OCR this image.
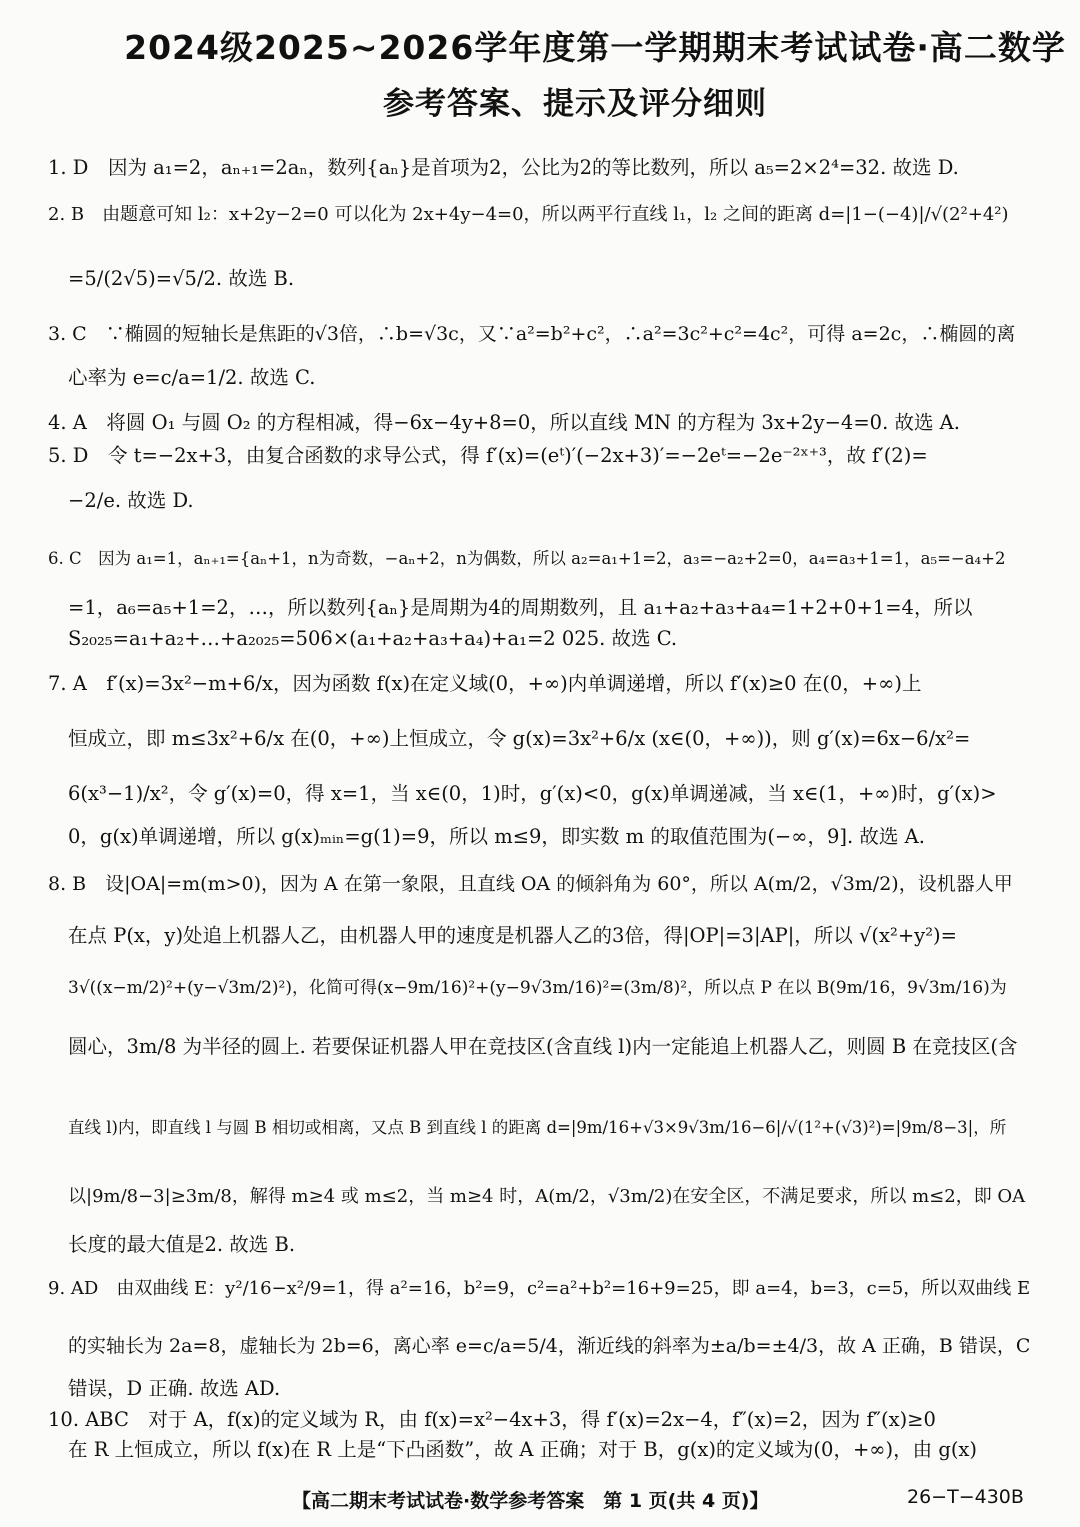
2024级2025~2026学年度第一学期期末考试试卷·高二数学
参考答案、提示及评分细则
1. D　因为 a₁=2，aₙ₊₁=2aₙ，数列{aₙ}是首项为2，公比为2的等比数列，所以 a₅=2×2⁴=32. 故选 D.
2. B　由题意可知 l₂：x+2y−2=0 可以化为 2x+4y−4=0，所以两平行直线 l₁，l₂ 之间的距离 d=|1−(−4)|/√(2²+4²)
=5/(2√5)=√5/2. 故选 B.
3. C　∵椭圆的短轴长是焦距的√3倍，∴b=√3c，又∵a²=b²+c²，∴a²=3c²+c²=4c²，可得 a=2c，∴椭圆的离
心率为 e=c/a=1/2. 故选 C.
4. A　将圆 O₁ 与圆 O₂ 的方程相减，得−6x−4y+8=0，所以直线 MN 的方程为 3x+2y−4=0. 故选 A.
5. D　令 t=−2x+3，由复合函数的求导公式，得 f′(x)=(eᵗ)′(−2x+3)′=−2eᵗ=−2e⁻²ˣ⁺³，故 f′(2)=
−2/e. 故选 D.
6. C　因为 a₁=1，aₙ₊₁={aₙ+1，n为奇数，−aₙ+2，n为偶数，所以 a₂=a₁+1=2，a₃=−a₂+2=0，a₄=a₃+1=1，a₅=−a₄+2
=1，a₆=a₅+1=2，…，所以数列{aₙ}是周期为4的周期数列，且 a₁+a₂+a₃+a₄=1+2+0+1=4，所以
S₂₀₂₅=a₁+a₂+…+a₂₀₂₅=506×(a₁+a₂+a₃+a₄)+a₁=2 025. 故选 C.
7. A　f′(x)=3x²−m+6/x，因为函数 f(x)在定义域(0，+∞)内单调递增，所以 f′(x)≥0 在(0，+∞)上
恒成立，即 m≤3x²+6/x 在(0，+∞)上恒成立，令 g(x)=3x²+6/x (x∈(0，+∞))，则 g′(x)=6x−6/x²=
6(x³−1)/x²，令 g′(x)=0，得 x=1，当 x∈(0，1)时，g′(x)<0，g(x)单调递减，当 x∈(1，+∞)时，g′(x)>
0，g(x)单调递增，所以 g(x)ₘᵢₙ=g(1)=9，所以 m≤9，即实数 m 的取值范围为(−∞，9]. 故选 A.
8. B　设|OA|=m(m>0)，因为 A 在第一象限，且直线 OA 的倾斜角为 60°，所以 A(m/2，√3m/2)，设机器人甲
在点 P(x，y)处追上机器人乙，由机器人甲的速度是机器人乙的3倍，得|OP|=3|AP|，所以 √(x²+y²)=
3√((x−m/2)²+(y−√3m/2)²)，化简可得(x−9m/16)²+(y−9√3m/16)²=(3m/8)²，所以点 P 在以 B(9m/16，9√3m/16)为
圆心，3m/8 为半径的圆上. 若要保证机器人甲在竞技区(含直线 l)内一定能追上机器人乙，则圆 B 在竞技区(含
直线 l)内，即直线 l 与圆 B 相切或相离，又点 B 到直线 l 的距离 d=|9m/16+√3×9√3m/16−6|/√(1²+(√3)²)=|9m/8−3|，所
以|9m/8−3|≥3m/8，解得 m≥4 或 m≤2，当 m≥4 时，A(m/2，√3m/2)在安全区，不满足要求，所以 m≤2，即 OA
长度的最大值是2. 故选 B.
9. AD　由双曲线 E：y²/16−x²/9=1，得 a²=16，b²=9，c²=a²+b²=16+9=25，即 a=4，b=3，c=5，所以双曲线 E
的实轴长为 2a=8，虚轴长为 2b=6，离心率 e=c/a=5/4，渐近线的斜率为±a/b=±4/3，故 A 正确，B 错误，C
错误，D 正确. 故选 AD.
10. ABC　对于 A，f(x)的定义域为 R，由 f(x)=x²−4x+3，得 f′(x)=2x−4，f″(x)=2，因为 f″(x)≥0
在 R 上恒成立，所以 f(x)在 R 上是“下凸函数”，故 A 正确；对于 B，g(x)的定义域为(0，+∞)，由 g(x)
【高二期末考试试卷·数学参考答案　第 1 页(共 4 页)】	26−T−430B
